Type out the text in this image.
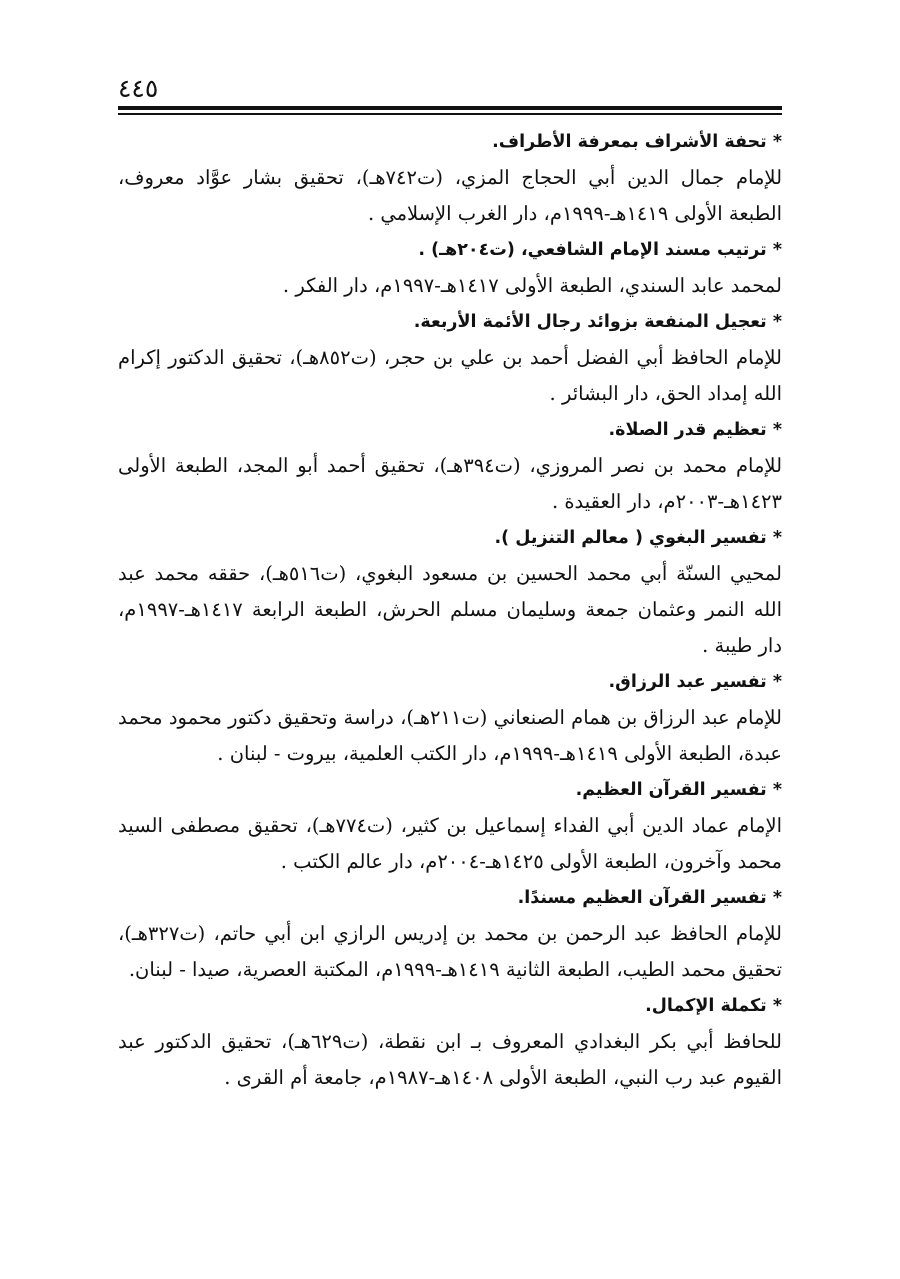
٤٤٥
* تحفة الأشراف بمعرفة الأطراف.

للإمام جمال الدين أبي الحجاج المزي، (ت٧٤٢هـ)، تحقيق بشار عوَّاد معروف، الطبعة الأولى ١٤١٩هـ-١٩٩٩م، دار الغرب الإسلامي .

* ترتيب مسند الإمام الشافعي، (ت٢٠٤هـ) .

لمحمد عابد السندي، الطبعة الأولى ١٤١٧هـ-١٩٩٧م، دار الفكر .

* تعجيل المنفعة بزوائد رجال الأئمة الأربعة.

للإمام الحافظ أبي الفضل أحمد بن علي بن حجر، (ت٨٥٢هـ)، تحقيق الدكتور إكرام الله إمداد الحق، دار البشائر .

* تعظيم قدر الصلاة.

للإمام محمد بن نصر المروزي، (ت٣٩٤هـ)، تحقيق أحمد أبو المجد، الطبعة الأولى ١٤٢٣هـ-٢٠٠٣م، دار العقيدة .

* تفسير البغوي ( معالم التنزيل ).

لمحيي السنّة أبي محمد الحسين بن مسعود البغوي، (ت٥١٦هـ)، حققه محمد عبد الله النمر وعثمان جمعة وسليمان مسلم الحرش، الطبعة الرابعة ١٤١٧هـ-١٩٩٧م، دار طيبة .

* تفسير عبد الرزاق.

للإمام عبد الرزاق بن همام الصنعاني (ت٢١١هـ)، دراسة وتحقيق دكتور محمود محمد عبدة، الطبعة الأولى ١٤١٩هـ-١٩٩٩م، دار الكتب العلمية، بيروت - لبنان .

* تفسير القرآن العظيم.

الإمام عماد الدين أبي الفداء إسماعيل بن كثير، (ت٧٧٤هـ)، تحقيق مصطفى السيد محمد وآخرون، الطبعة الأولى ١٤٢٥هـ-٢٠٠٤م، دار عالم الكتب .

* تفسير القرآن العظيم مسندًا.

للإمام الحافظ عبد الرحمن بن محمد بن إدريس الرازي ابن أبي حاتم، (ت٣٢٧هـ)، تحقيق محمد الطيب، الطبعة الثانية ١٤١٩هـ-١٩٩٩م، المكتبة العصرية، صيدا - لبنان.

* تكملة الإكمال.

للحافظ أبي بكر البغدادي المعروف بـ ابن نقطة، (ت٦٢٩هـ)، تحقيق الدكتور عبد القيوم عبد رب النبي، الطبعة الأولى ١٤٠٨هـ-١٩٨٧م، جامعة أم القرى .
